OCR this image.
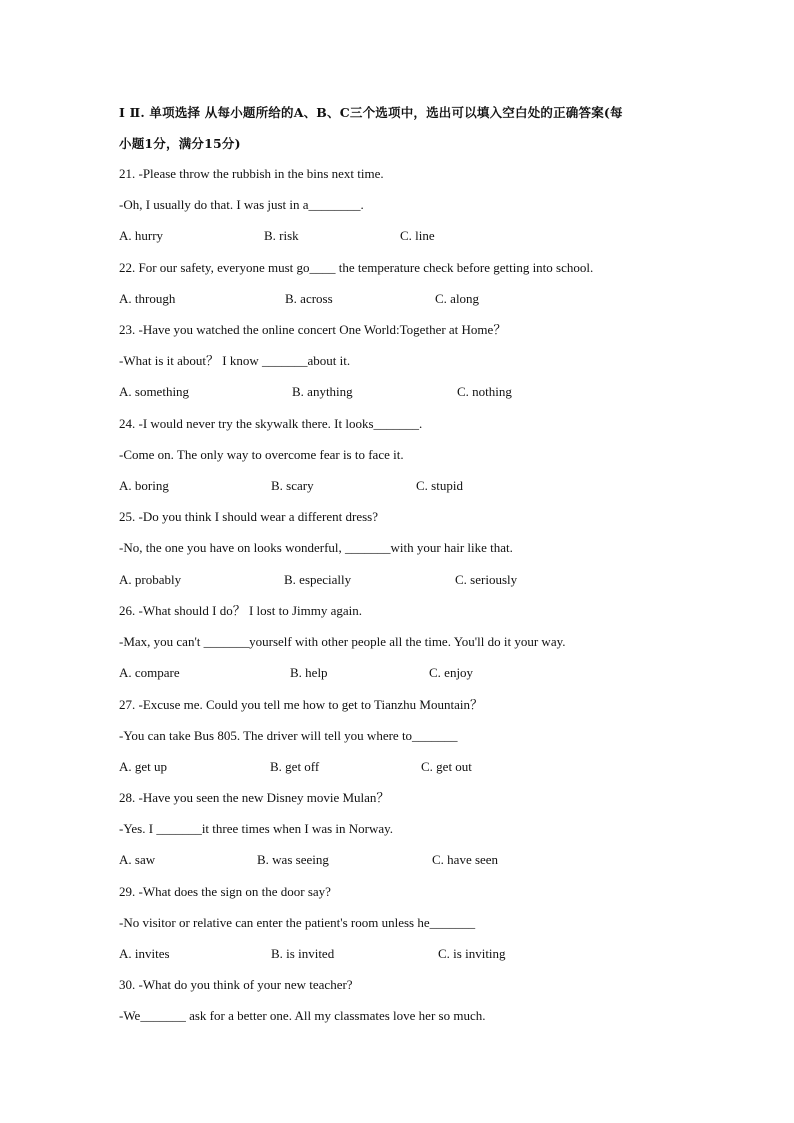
Ⅰ Ⅱ. 单项选择 从每小题所给的A、B、C三个选项中，选出可以填入空白处的正确答案(每
小题1分，满分15分)
21. -Please throw the rubbish in the bins next time.
-Oh, I usually do that. I was just in a________.
A. hurry	B. risk	C. line
22. For our safety, everyone must go____ the temperature check before getting into school.
A. through	B. across	C. along
23. -Have you watched the online concert One World:Together at Home？
-What is it about？ I know _______about it.
A. something	B. anything	C. nothing
24. -I would never try the skywalk there. It looks_______.
-Come on. The only way to overcome fear is to face it.
A. boring	B. scary	C. stupid
25. -Do you think I should wear a different dress?
-No, the one you have on looks wonderful, _______with your hair like that.
A. probably	B. especially	C. seriously
26. -What should I do？ I lost to Jimmy again.
-Max, you can't _______yourself with other people all the time. You'll do it your way.
A. compare	B. help	C. enjoy
27. -Excuse me. Could you tell me how to get to Tianzhu Mountain？
-You can take Bus 805. The driver will tell you where to_______
A. get up	B. get off	C. get out
28. -Have you seen the new Disney movie Mulan？
-Yes. I _______it three times when I was in Norway.
A. saw	B. was seeing	C. have seen
29. -What does the sign on the door say?
-No visitor or relative can enter the patient's room unless he_______
A. invites	B. is invited	C. is inviting
30. -What do you think of your new teacher?
-We_______ ask for a better one. All my classmates love her so much.
